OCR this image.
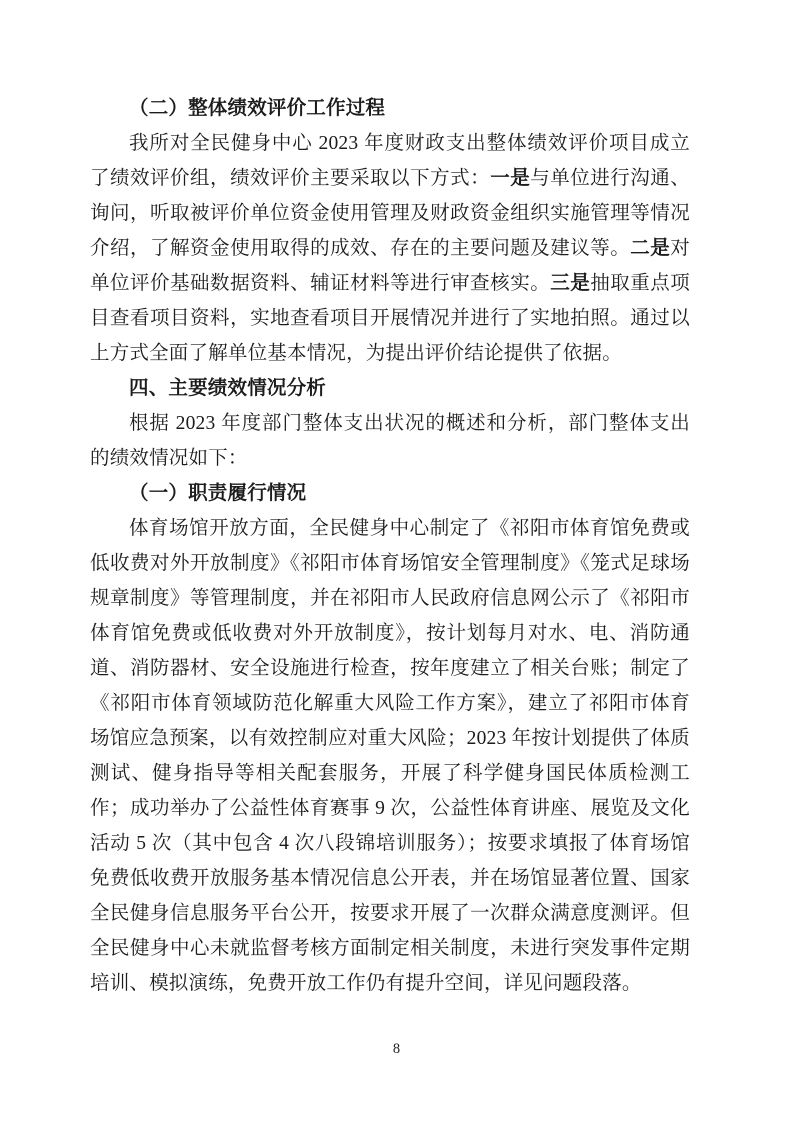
（二）整体绩效评价工作过程

我所对全民健身中心 2023 年度财政支出整体绩效评价项目成立了绩效评价组，绩效评价主要采取以下方式：一是与单位进行沟通、询问，听取被评价单位资金使用管理及财政资金组织实施管理等情况介绍，了解资金使用取得的成效、存在的主要问题及建议等。二是对单位评价基础数据资料、辅证材料等进行审查核实。三是抽取重点项目查看项目资料，实地查看项目开展情况并进行了实地拍照。通过以上方式全面了解单位基本情况，为提出评价结论提供了依据。

四、主要绩效情况分析

根据 2023 年度部门整体支出状况的概述和分析，部门整体支出的绩效情况如下：

（一）职责履行情况

体育场馆开放方面，全民健身中心制定了《祁阳市体育馆免费或低收费对外开放制度》《祁阳市体育场馆安全管理制度》《笼式足球场规章制度》等管理制度，并在祁阳市人民政府信息网公示了《祁阳市体育馆免费或低收费对外开放制度》，按计划每月对水、电、消防通道、消防器材、安全设施进行检查，按年度建立了相关台账；制定了《祁阳市体育领域防范化解重大风险工作方案》，建立了祁阳市体育场馆应急预案，以有效控制应对重大风险；2023 年按计划提供了体质测试、健身指导等相关配套服务，开展了科学健身国民体质检测工作；成功举办了公益性体育赛事 9 次，公益性体育讲座、展览及文化活动 5 次（其中包含 4 次八段锦培训服务）；按要求填报了体育场馆免费低收费开放服务基本情况信息公开表，并在场馆显著位置、国家全民健身信息服务平台公开，按要求开展了一次群众满意度测评。但全民健身中心未就监督考核方面制定相关制度，未进行突发事件定期培训、模拟演练，免费开放工作仍有提升空间，详见问题段落。

8
